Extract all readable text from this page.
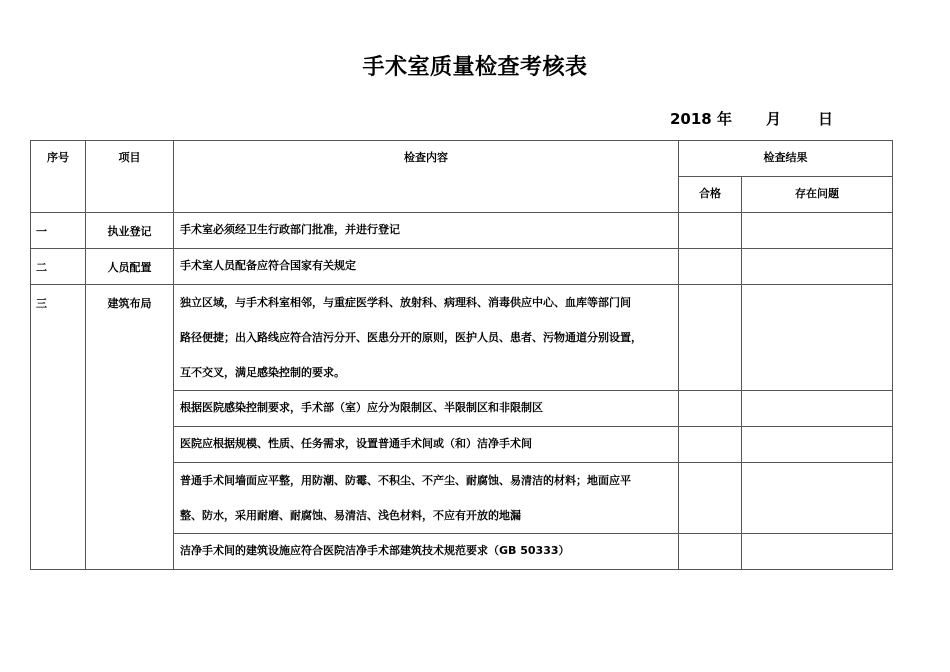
手术室质量检查考核表
2018 年 月 日
序号	项目	检查内容	检查结果	
			合格	存在问题
一	执业登记	手术室必须经卫生行政部门批准，并进行登记		
二	人员配置	手术室人员配备应符合国家有关规定		
三	建筑布局	独立区域，与手术科室相邻，与重症医学科、放射科、病理科、消毒供应中心、血库等部门间
路径便捷；出入路线应符合洁污分开、医患分开的原则，医护人员、患者、污物通道分别设置，
互不交叉，满足感染控制的要求。		

		根据医院感染控制要求，手术部（室）应分为限制区、半限制区和非限制区		
		医院应根据规模、性质、任务需求，设置普通手术间或（和）洁净手术间		

		普通手术间墙面应平整，用防潮、防霉、不积尘、不产尘、耐腐蚀、易清洁的材料；地面应平
整、防水，采用耐磨、耐腐蚀、易清洁、浅色材料，不应有开放的地漏		

		洁净手术间的建筑设施应符合医院洁净手术部建筑技术规范要求（GB 50333）		
